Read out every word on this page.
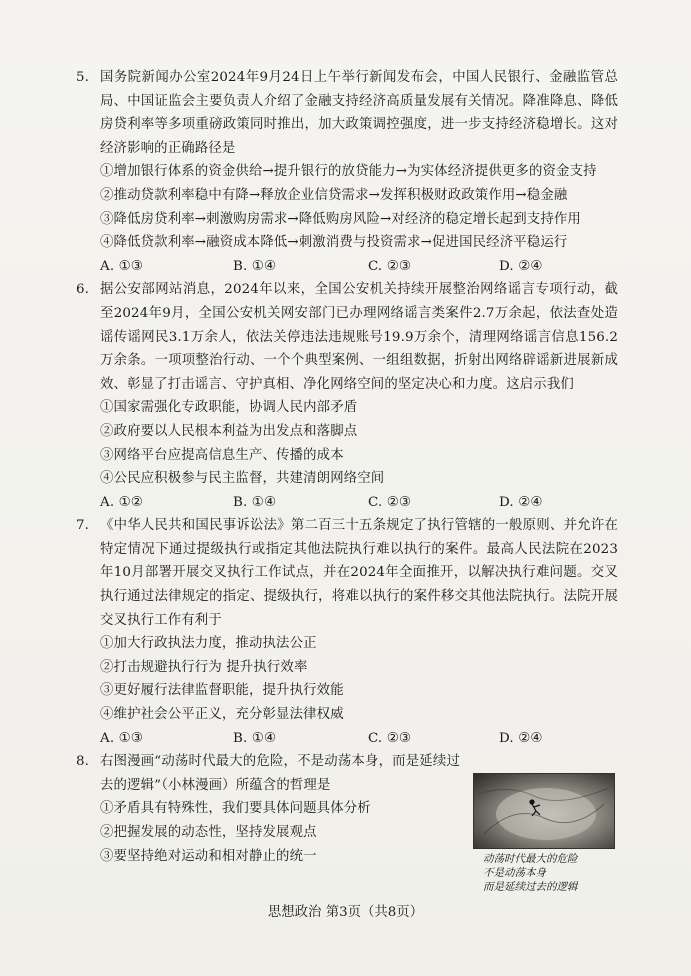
5. 国务院新闻办公室2024年9月24日上午举行新闻发布会，中国人民银行、金融监管总局、中国证监会主要负责人介绍了金融支持经济高质量发展有关情况。降准降息、降低房贷利率等多项重磅政策同时推出，加大政策调控强度，进一步支持经济稳增长。这对经济影响的正确路径是
①增加银行体系的资金供给→提升银行的放贷能力→为实体经济提供更多的资金支持
②推动贷款利率稳中有降→释放企业信贷需求→发挥积极财政政策作用→稳金融
③降低房贷利率→刺激购房需求→降低购房风险→对经济的稳定增长起到支持作用
④降低贷款利率→融资成本降低→刺激消费与投资需求→促进国民经济平稳运行
A. ①③	B. ①④	C. ②③	D. ②④
6. 据公安部网站消息，2024年以来，全国公安机关持续开展整治网络谣言专项行动，截至2024年9月，全国公安机关网安部门已办理网络谣言类案件2.7万余起，依法查处造谣传谣网民3.1万余人，依法关停违法违规账号19.9万余个，清理网络谣言信息156.2万余条。一项项整治行动、一个个典型案例、一组组数据，折射出网络辟谣新进展新成效、彰显了打击谣言、守护真相、净化网络空间的坚定决心和力度。这启示我们
①国家需强化专政职能，协调人民内部矛盾
②政府要以人民根本利益为出发点和落脚点
③网络平台应提高信息生产、传播的成本
④公民应积极参与民主监督，共建清朗网络空间
A. ①②	B. ①④	C. ②③	D. ②④
7. 《中华人民共和国民事诉讼法》第二百三十五条规定了执行管辖的一般原则、并允许在特定情况下通过提级执行或指定其他法院执行难以执行的案件。最高人民法院在2023年10月部署开展交叉执行工作试点，并在2024年全面推开，以解决执行难问题。交叉执行通过法律规定的指定、提级执行，将难以执行的案件移交其他法院执行。法院开展交叉执行工作有利于
①加大行政执法力度，推动执法公正
②打击规避执行行为 提升执行效率
③更好履行法律监督职能，提升执行效能
④维护社会公平正义，充分彰显法律权威
A. ①③	B. ①④	C. ②③	D. ②④
8. 右图漫画“动荡时代最大的危险，不是动荡本身，而是延续过去的逻辑”（小林漫画）所蕴含的哲理是
①矛盾具有特殊性，我们要具体问题具体分析
②把握发展的动态性，坚持发展观点
③要坚持绝对运动和相对静止的统一	动荡时代最大的危险
不是动荡本身
而是延续过去的逻辑
思想政治 第3页（共8页）
